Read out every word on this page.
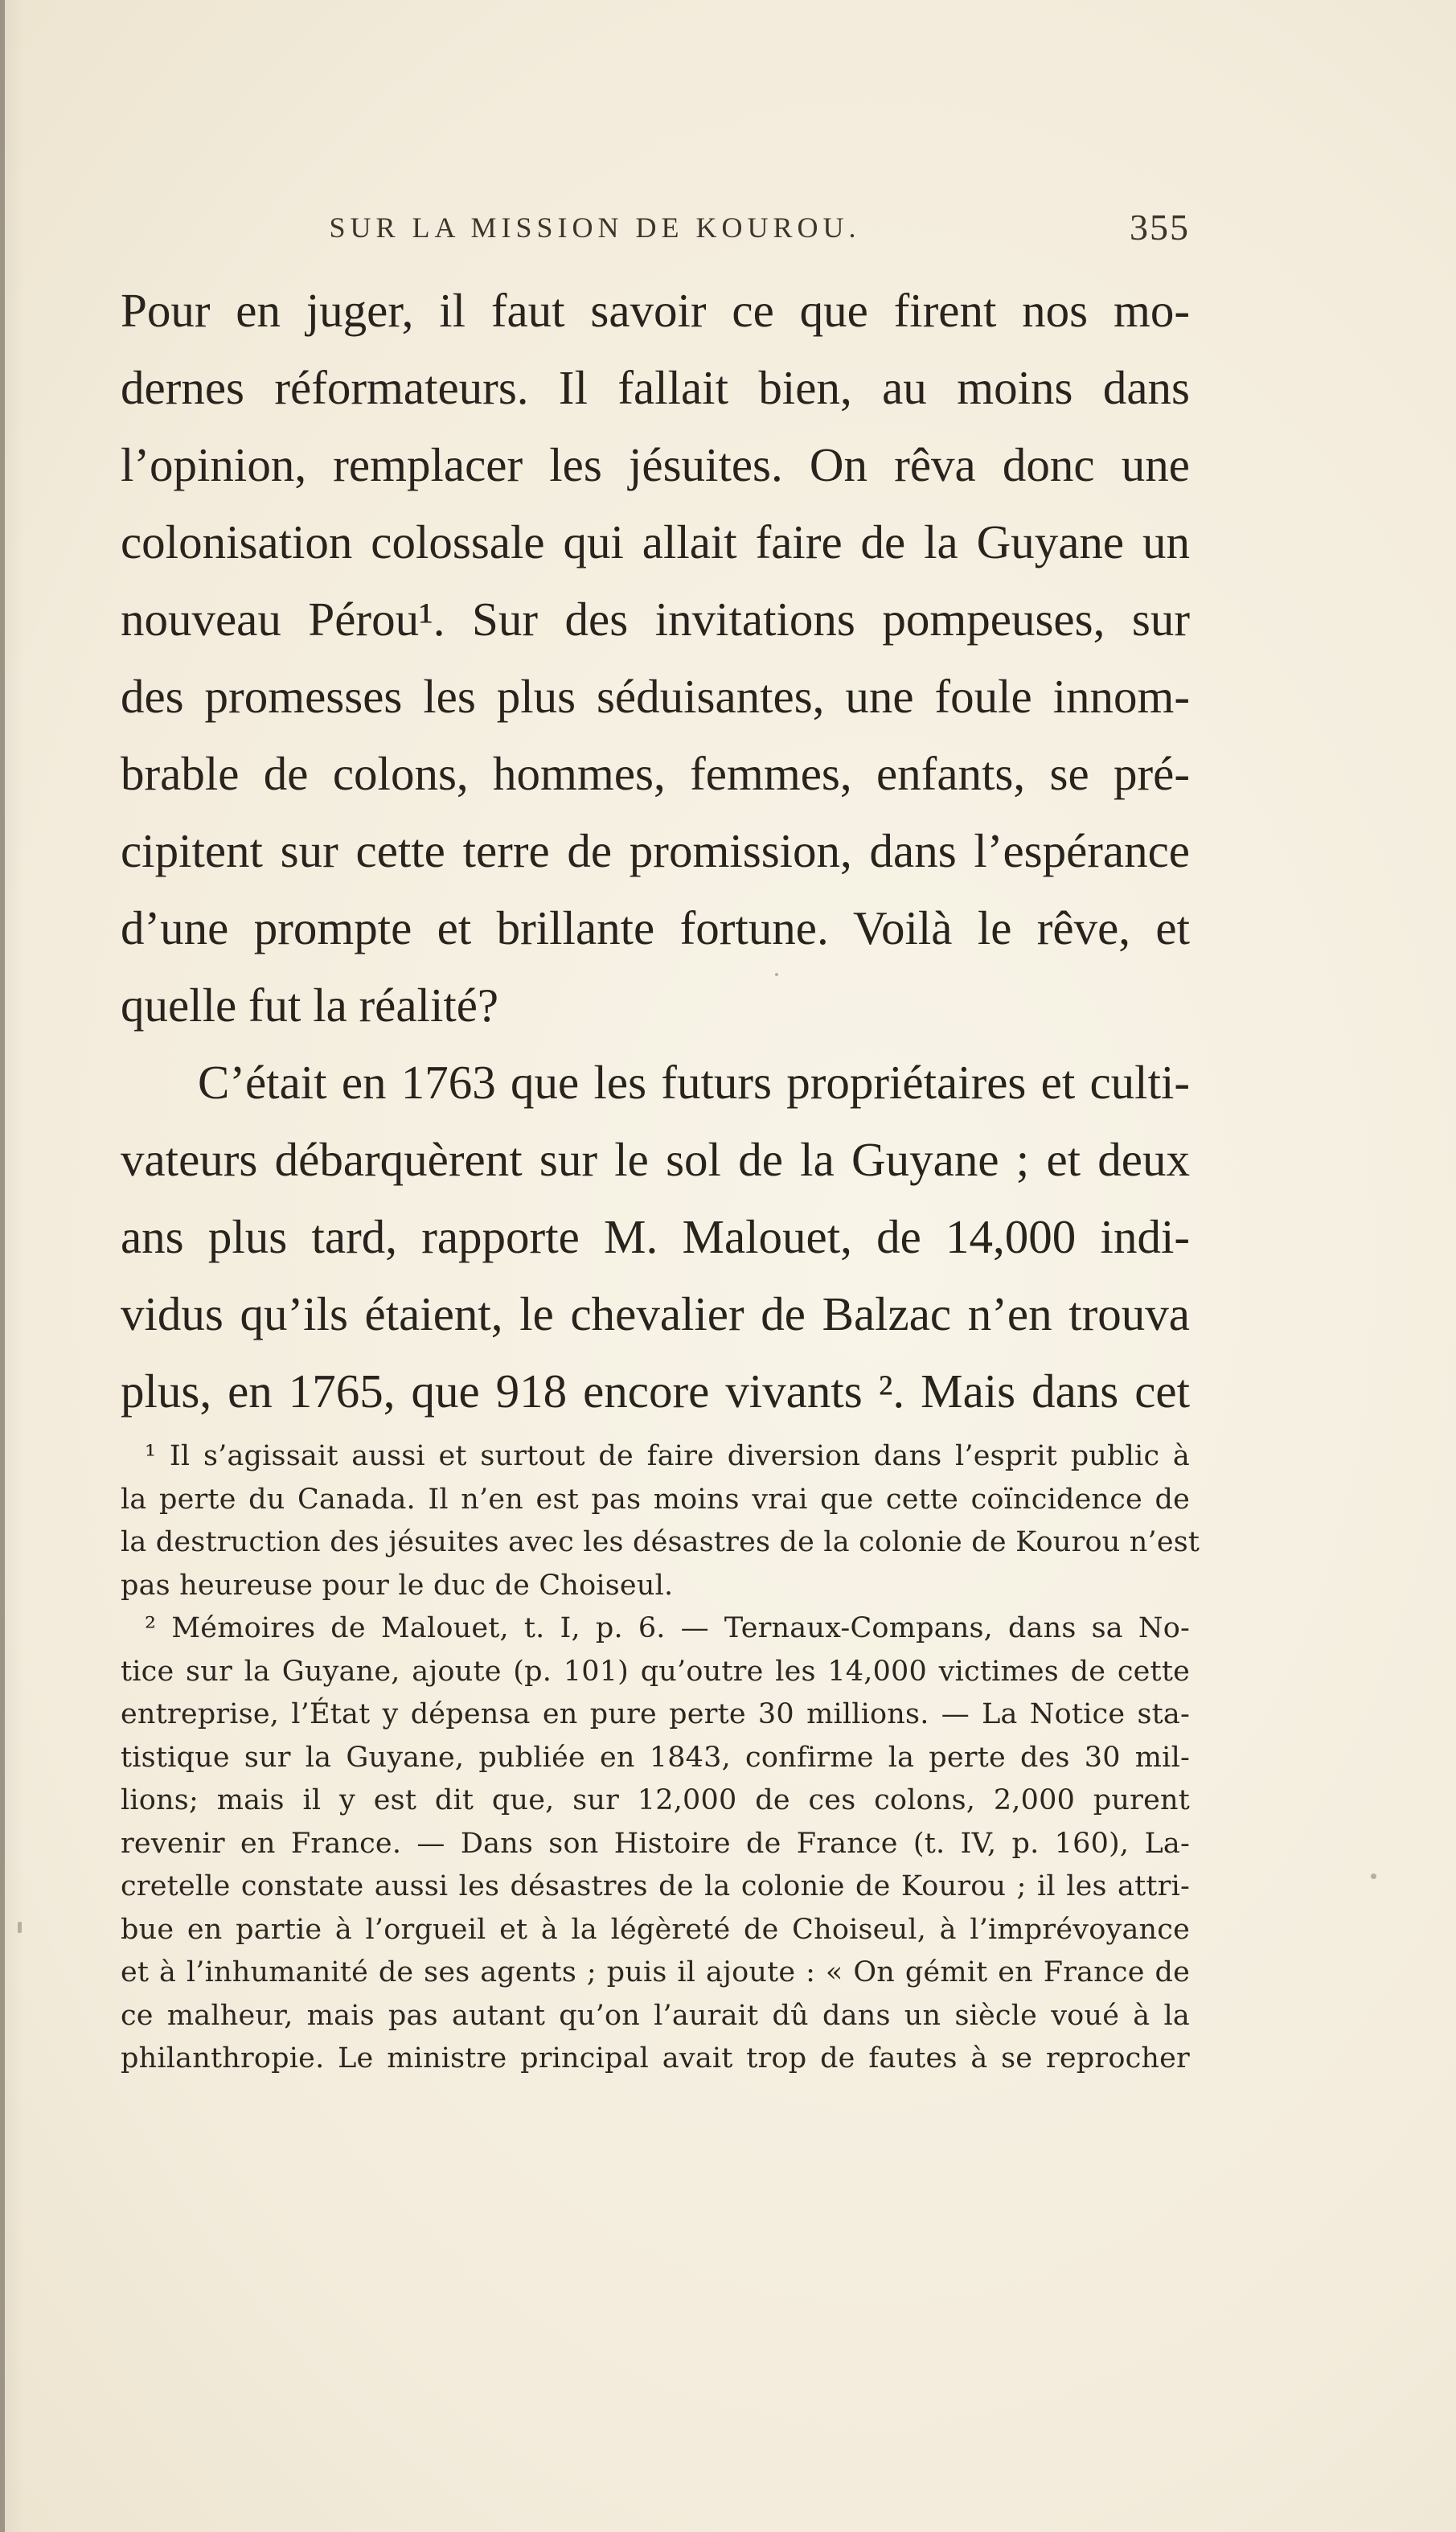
SUR LA MISSION DE KOUROU.	355
Pour en juger, il faut savoir ce que firent nos mo-
dernes réformateurs. Il fallait bien, au moins dans
l’opinion, remplacer les jésuites. On rêva donc une
colonisation colossale qui allait faire de la Guyane un
nouveau Pérou¹. Sur des invitations pompeuses, sur
des promesses les plus séduisantes, une foule innom-
brable de colons, hommes, femmes, enfants, se pré-
cipitent sur cette terre de promission, dans l’espérance
d’une prompte et brillante fortune. Voilà le rêve, et
quelle fut la réalité?
C’était en 1763 que les futurs propriétaires et culti-
vateurs débarquèrent sur le sol de la Guyane ; et deux
ans plus tard, rapporte M. Malouet, de 14,000 indi-
vidus qu’ils étaient, le chevalier de Balzac n’en trouva
plus, en 1765, que 918 encore vivants ². Mais dans cet
¹ Il s’agissait aussi et surtout de faire diversion dans l’esprit public à
la perte du Canada. Il n’en est pas moins vrai que cette coïncidence de
la destruction des jésuites avec les désastres de la colonie de Kourou n’est
pas heureuse pour le duc de Choiseul.
² Mémoires de Malouet, t. I, p. 6. — Ternaux-Compans, dans sa No-
tice sur la Guyane, ajoute (p. 101) qu’outre les 14,000 victimes de cette
entreprise, l’État y dépensa en pure perte 30 millions. — La Notice sta-
tistique sur la Guyane, publiée en 1843, confirme la perte des 30 mil-
lions; mais il y est dit que, sur 12,000 de ces colons, 2,000 purent
revenir en France. — Dans son Histoire de France (t. IV, p. 160), La-
cretelle constate aussi les désastres de la colonie de Kourou ; il les attri-
bue en partie à l’orgueil et à la légèreté de Choiseul, à l’imprévoyance
et à l’inhumanité de ses agents ; puis il ajoute : « On gémit en France de
ce malheur, mais pas autant qu’on l’aurait dû dans un siècle voué à la
philanthropie. Le ministre principal avait trop de fautes à se reprocher
